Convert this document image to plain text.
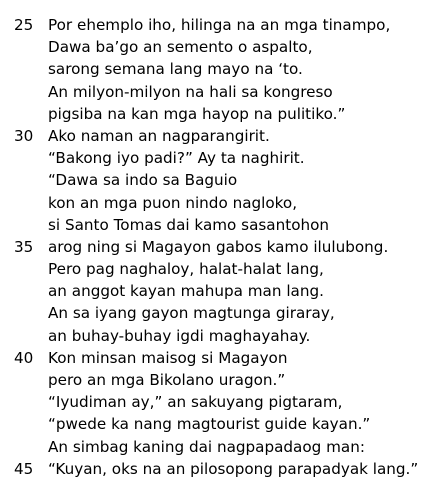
25 Por ehemplo iho, hilinga na an mga tinampo,
Dawa ba’go an semento o aspalto,
sarong semana lang mayo na ‘to.
An milyon-milyon na hali sa kongreso
pigsiba na kan mga hayop na pulitiko.”
30 Ako naman an nagparangirit.
“Bakong iyo padi?” Ay ta naghirit.
“Dawa sa indo sa Baguio
kon an mga puon nindo nagloko,
si Santo Tomas dai kamo sasantohon
35 arog ning si Magayon gabos kamo ilulubong.
Pero pag naghaloy, halat-halat lang,
an anggot kayan mahupa man lang.
An sa iyang gayon magtunga giraray,
an buhay-buhay igdi maghayahay.
40 Kon minsan maisog si Magayon
pero an mga Bikolano uragon.”
“Iyudiman ay,” an sakuyang pigtaram,
“pwede ka nang magtourist guide kayan.”
An simbag kaning dai nagpapadaog man:
45 “Kuyan, oks na an pilosopong parapadyak lang.”
